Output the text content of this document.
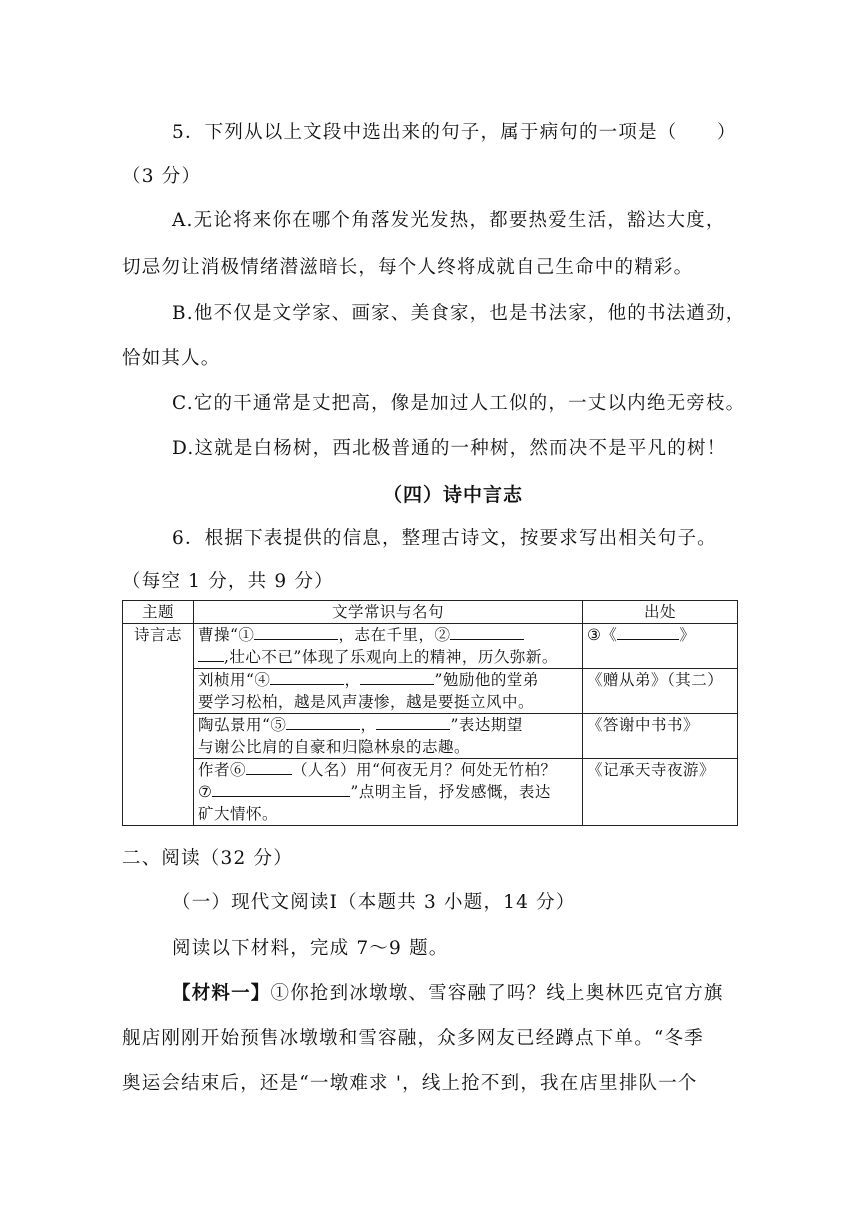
5．下列从以上文段中选出来的句子，属于病句的一项是（　　）
（3 分）
A.无论将来你在哪个角落发光发热，都要热爱生活，豁达大度，
切忌勿让消极情绪潜滋暗长，每个人终将成就自己生命中的精彩。
B.他不仅是文学家、画家、美食家，也是书法家，他的书法遒劲，
恰如其人。
C.它的干通常是丈把高，像是加过人工似的，一丈以内绝无旁枝。
D.这就是白杨树，西北极普通的一种树，然而决不是平凡的树！
（四）诗中言志
6．根据下表提供的信息，整理古诗文，按要求写出相关句子。
（每空 1 分，共 9 分）
主题	文学常识与名句	出处
诗言志	曹操“① ，志在千里，②
,壮心不已”体现了乐观向上的精神，历久弥新。	③《 》
	刘桢用“④ ， ”勉励他的堂弟
要学习松柏，越是风声凄惨，越是要挺立风中。	《赠从弟》（其二）
	陶弘景用“⑤ ， ”表达期望
与谢公比肩的自豪和归隐林泉的志趣。	《答谢中书书》
	作者⑥ （人名）用“何夜无月？何处无竹柏？
⑦ ”点明主旨，抒发感慨，表达
矿大情怀。	《记承天寺夜游》
二、阅读（32 分）
（一）现代文阅读Ⅰ（本题共 3 小题，14 分）
阅读以下材料，完成 7～9 题。
【材料一】①你抢到冰墩墩、雪容融了吗？线上奥林匹克官方旗
舰店刚刚开始预售冰墩墩和雪容融，众多网友已经蹲点下单。“冬季
奥运会结束后，还是“一墩难求 '，线上抢不到，我在店里排队一个
